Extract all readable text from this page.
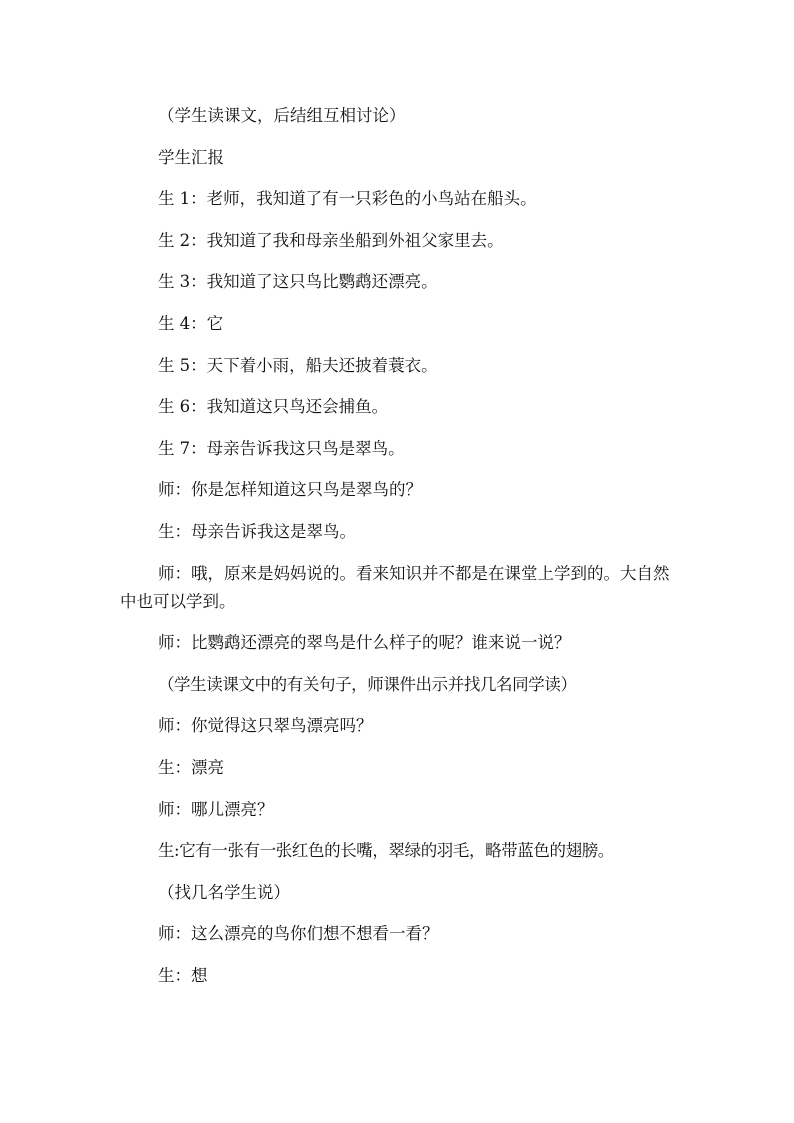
（学生读课文，后结组互相讨论）

学生汇报

生 1：老师，我知道了有一只彩色的小鸟站在船头。

生 2：我知道了我和母亲坐船到外祖父家里去。

生 3：我知道了这只鸟比鹦鹉还漂亮。

生 4：它

生 5：天下着小雨，船夫还披着蓑衣。

生 6：我知道这只鸟还会捕鱼。

生 7：母亲告诉我这只鸟是翠鸟。

师：你是怎样知道这只鸟是翠鸟的？

生：母亲告诉我这是翠鸟。

师：哦，原来是妈妈说的。看来知识并不都是在课堂上学到的。大自然中也可以学到。

师：比鹦鹉还漂亮的翠鸟是什么样子的呢？谁来说一说？

（学生读课文中的有关句子，师课件出示并找几名同学读）

师：你觉得这只翠鸟漂亮吗？

生：漂亮

师：哪儿漂亮？

生:它有一张有一张红色的长嘴，翠绿的羽毛，略带蓝色的翅膀。

（找几名学生说）

师：这么漂亮的鸟你们想不想看一看？

生：想
